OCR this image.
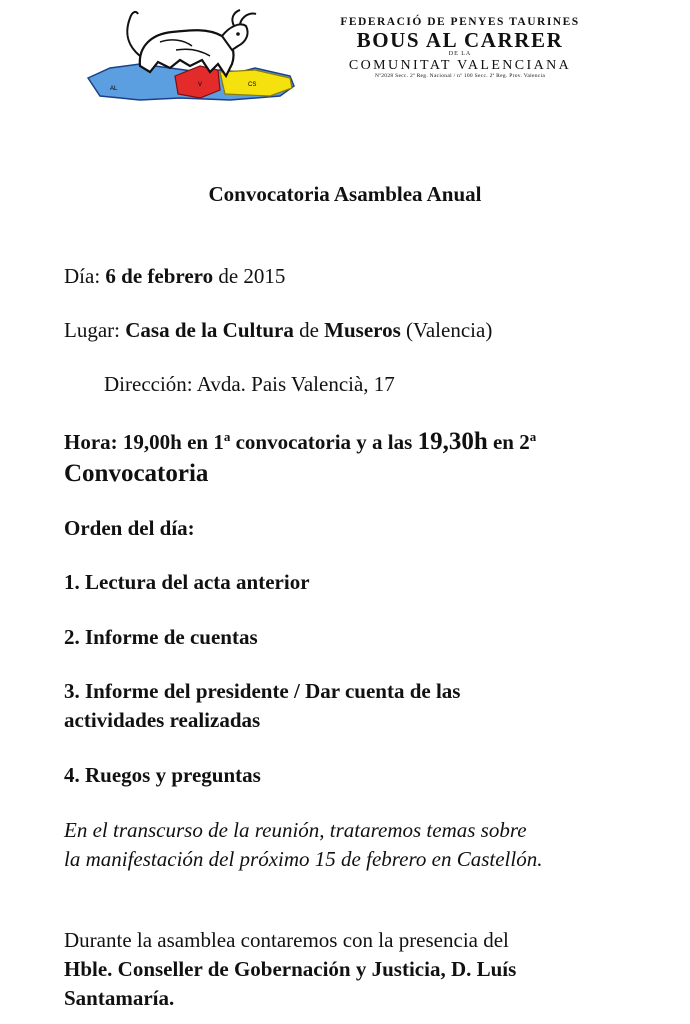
AL
V	CS
FEDERACIÓ DE PENYES TAURINES
BOUS AL CARRER
DE LA
COMUNITAT VALENCIANA
Nº2028 Secc. 2ª Reg. Nacional / nº 100 Secc. 2ª Reg. Prov. Valencia
Convocatoria Asamblea Anual
Día: 6 de febrero de 2015
Lugar: Casa de la Cultura de Museros (Valencia)
Dirección: Avda. Pais Valencià, 17
Hora: 19,00h en 1$^a$ convocatoria y a las 19,30h en 2$^a$
Convocatoria
Orden del día:
1. Lectura del acta anterior
2. Informe de cuentas
3. Informe del presidente / Dar cuenta de las
actividades realizadas
4. Ruegos y preguntas
En el transcurso de la reunión, trataremos temas sobre
la manifestación del próximo 15 de febrero en Castellón.
Durante la asamblea contaremos con la presencia del
Hble. Conseller de Gobernación y Justicia, D. Luís
Santamaría.
